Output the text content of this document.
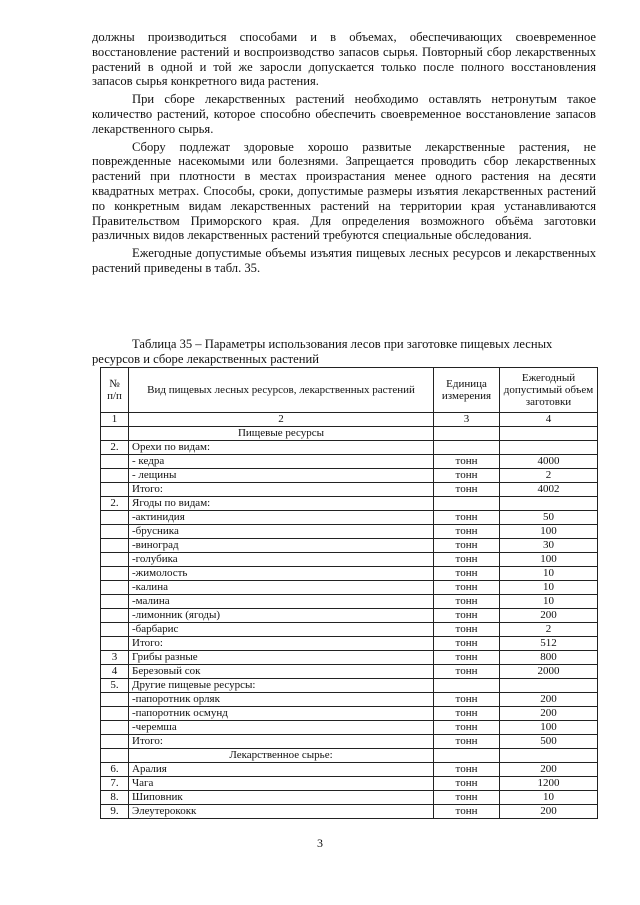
должны производиться способами и в объемах, обеспечивающих своевременное восстановление растений и воспроизводство запасов сырья. Повторный сбор лекарственных растений в одной и той же заросли допускается только после полного восстановления запасов сырья конкретного вида растения.

При сборе лекарственных растений необходимо оставлять нетронутым такое количество растений, которое способно обеспечить своевременное восстановление запасов лекарственного сырья.

Сбору подлежат здоровые хорошо развитые лекарственные растения, не поврежденные насекомыми или болезнями. Запрещается проводить сбор лекарственных растений при плотности в местах произрастания менее одного растения на десяти квадратных метрах. Способы, сроки, допустимые размеры изъятия лекарственных растений по конкретным видам лекарственных растений на территории края устанавливаются Правительством Приморского края. Для определения возможного объёма заготовки различных видов лекарственных растений требуются специальные обследования.

Ежегодные допустимые объемы изъятия пищевых лесных ресурсов и лекарственных растений приведены в табл. 35.

Таблица 35 – Параметры использования лесов при заготовке пищевых лесных ресурсов и сборе лекарственных растений
№ п/п	Вид пищевых лесных ресурсов, лекарственных растений	Единица измерения	Ежегодный допустимый объем заготовки
1	2	3	4
	Пищевые ресурсы		
2.	Орехи по видам:		
	- кедра	тонн	4000
	- лещины	тонн	2
	Итого:	тонн	4002
2.	Ягоды по видам:		
	-актинидия	тонн	50
	-брусника	тонн	100
	-виноград	тонн	30
	-голубика	тонн	100
	-жимолость	тонн	10
	-калина	тонн	10
	-малина	тонн	10
	-лимонник (ягоды)	тонн	200
	-барбарис	тонн	2
	Итого:	тонн	512
3	Грибы разные	тонн	800
4	Березовый сок	тонн	2000
5.	Другие пищевые ресурсы:		
	-папоротник орляк	тонн	200
	-папоротник осмунд	тонн	200
	-черемша	тонн	100
	Итого:	тонн	500
	Лекарственное сырье:		
6.	Аралия	тонн	200
7.	Чага	тонн	1200
8.	Шиповник	тонн	10
9.	Элеутерококк	тонн	200
3
